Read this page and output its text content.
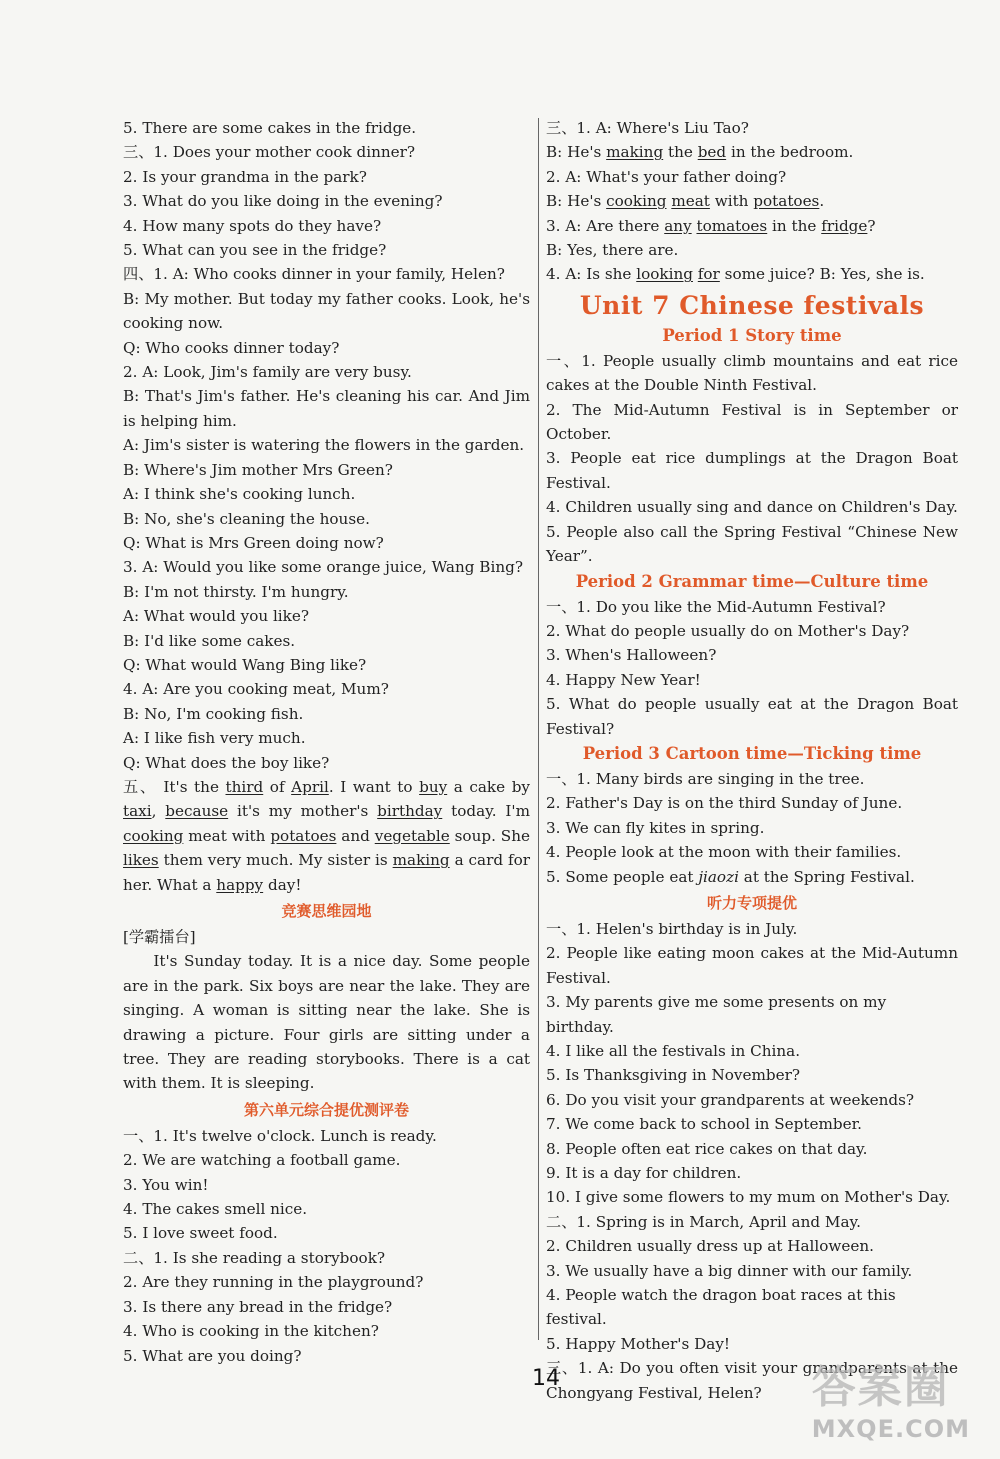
5. There are some cakes in the fridge.

三、1. Does your mother cook dinner?

2. Is your grandma in the park?

3. What do you like doing in the evening?

4. How many spots do they have?

5. What can you see in the fridge?

四、1. A: Who cooks dinner in your family, Helen?

B: My mother. But today my father cooks. Look, he's cooking now.

Q: Who cooks dinner today?

2. A: Look, Jim's family are very busy.

B: That's Jim's father. He's cleaning his car. And Jim is helping him.

A: Jim's sister is watering the flowers in the garden.

B: Where's Jim mother Mrs Green?

A: I think she's cooking lunch.

B: No, she's cleaning the house.

Q: What is Mrs Green doing now?

3. A: Would you like some orange juice, Wang Bing?

B: I'm not thirsty. I'm hungry.

A: What would you like?

B: I'd like some cakes.

Q: What would Wang Bing like?

4. A: Are you cooking meat, Mum?

B: No, I'm cooking fish.

A: I like fish very much.

Q: What does the boy like?

五、 It's the third of April. I want to buy a cake by taxi, because it's my mother's birthday today. I'm cooking meat with potatoes and vegetable soup. She likes them very much. My sister is making a card for her. What a happy day!

竞赛思维园地

[学霸擂台]

It's Sunday today. It is a nice day. Some people are in the park. Six boys are near the lake. They are singing. A woman is sitting near the lake. She is drawing a picture. Four girls are sitting under a tree. They are reading storybooks. There is a cat with them. It is sleeping.

第六单元综合提优测评卷

一、1. It's twelve o'clock. Lunch is ready.

2. We are watching a football game.

3. You win!

4. The cakes smell nice.

5. I love sweet food.

二、1. Is she reading a storybook?

2. Are they running in the playground?

3. Is there any bread in the fridge?

4. Who is cooking in the kitchen?

5. What are you doing?

三、1. A: Where's Liu Tao?

B: He's making the bed in the bedroom.

2. A: What's your father doing?

B: He's cooking meat with potatoes.

3. A: Are there any tomatoes in the fridge?

B: Yes, there are.

4. A: Is she looking for some juice? B: Yes, she is.

Unit 7 Chinese festivals

Period 1 Story time

一、1. People usually climb mountains and eat rice cakes at the Double Ninth Festival.

2. The Mid-Autumn Festival is in September or October.

3. People eat rice dumplings at the Dragon Boat Festival.

4. Children usually sing and dance on Children's Day.

5. People also call the Spring Festival “Chinese New Year”.

Period 2 Grammar time—Culture time

一、1. Do you like the Mid-Autumn Festival?

2. What do people usually do on Mother's Day?

3. When's Halloween?

4. Happy New Year!

5. What do people usually eat at the Dragon Boat Festival?

Period 3 Cartoon time—Ticking time

一、1. Many birds are singing in the tree.

2. Father's Day is on the third Sunday of June.

3. We can fly kites in spring.

4. People look at the moon with their families.

5. Some people eat jiaozi at the Spring Festival.

听力专项提优

一、1. Helen's birthday is in July.

2. People like eating moon cakes at the Mid-Autumn Festival.

3. My parents give me some presents on my birthday.

4. I like all the festivals in China.

5. Is Thanksgiving in November?

6. Do you visit your grandparents at weekends?

7. We come back to school in September.

8. People often eat rice cakes on that day.

9. It is a day for children.

10. I give some flowers to my mum on Mother's Day.

二、1. Spring is in March, April and May.

2. Children usually dress up at Halloween.

3. We usually have a big dinner with our family.

4. People watch the dragon boat races at this festival.

5. Happy Mother's Day!

三、1. A: Do you often visit your grandparents at the Chongyang Festival, Helen?

14	答案圈
MXQE.COM
